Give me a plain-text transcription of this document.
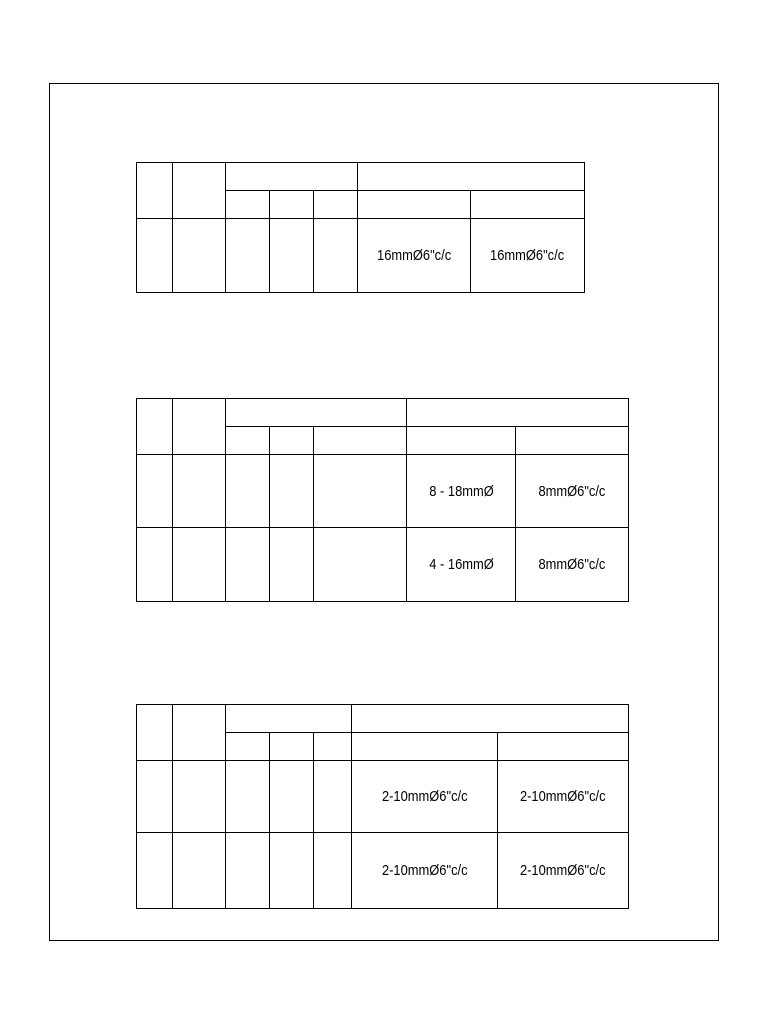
					16mmØ6"c/c	16mmØ6"c/c

					8 - 18mmØ	8mmØ6"c/c
					4 - 16mmØ	8mmØ6"c/c

					2-10mmØ6"c/c	2-10mmØ6"c/c
					2-10mmØ6"c/c	2-10mmØ6"c/c
